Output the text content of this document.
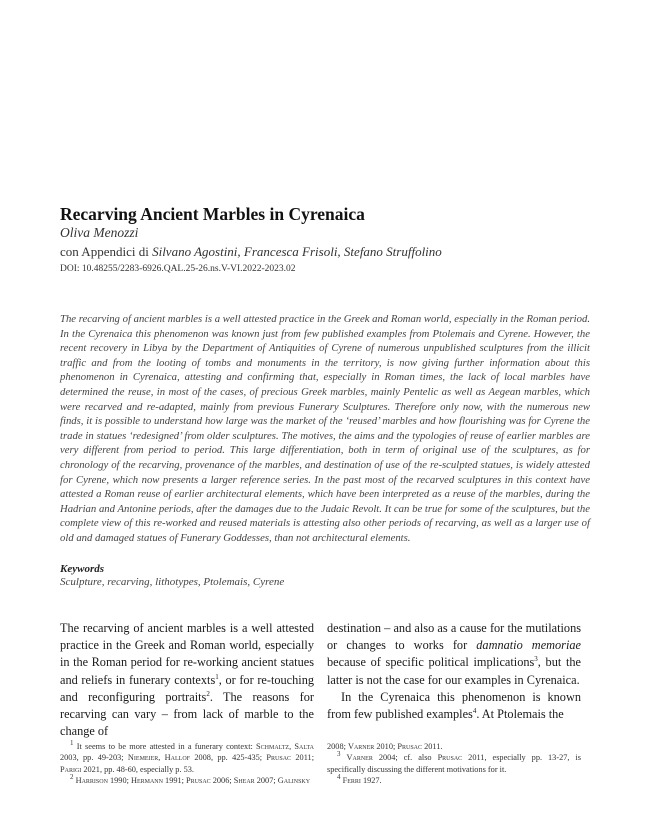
Recarving Ancient Marbles in Cyrenaica
Oliva Menozzi
con Appendici di Silvano Agostini, Francesca Frisoli, Stefano Struffolino
DOI: 10.48255/2283-6926.QAL.25-26.ns.V-VI.2022-2023.02

The recarving of ancient marbles is a well attested practice in the Greek and Roman world, especially in the Roman period. In the Cyrenaica this phenomenon was known just from few published examples from Ptolemais and Cyrene. However, the recent recovery in Libya by the Department of Antiquities of Cyrene of numerous unpublished sculptures from the illicit traffic and from the looting of tombs and monuments in the territory, is now giving further information about this phenomenon in Cyrenaica, attesting and confirming that, especially in Roman times, the lack of local marbles have determined the reuse, in most of the cases, of precious Greek marbles, mainly Pentelic as well as Aegean marbles, which were recarved and re-adapted, mainly from previous Funerary Sculptures. Therefore only now, with the numerous new finds, it is possible to understand how large was the market of the ‘reused’ marbles and how flourishing was for Cyrene the trade in statues ‘redesigned’ from older sculptures. The motives, the aims and the typologies of reuse of earlier marbles are very different from period to period. This large differentiation, both in term of original use of the sculptures, as for chronology of the recarving, provenance of the marbles, and destination of use of the re-sculpted statues, is widely attested for Cyrene, which now presents a larger reference series. In the past most of the recarved sculptures in this context have attested a Roman reuse of earlier architectural elements, which have been interpreted as a reuse of the marbles, during the Hadrian and Antonine periods, after the damages due to the Judaic Revolt. It can be true for some of the sculptures, but the complete view of this re-worked and reused materials is attesting also other periods of recarving, as well as a larger use of old and damaged statues of Funerary Goddesses, than not architectural elements.

Keywords
Sculpture, recarving, lithotypes, Ptolemais, Cyrene

The recarving of ancient marbles is a well attested practice in the Greek and Roman world, especially in the Roman period for re-working ancient statues and reliefs in funerary contexts$^1$, or for re-touching and reconfiguring portraits$^2$. The reasons for recarving can vary – from lack of marble to the change of

destination – and also as a cause for the mutilations or changes to works for damnatio memoriae because of specific political implications$^3$, but the latter is not the case for our examples in Cyrenaica.

In the Cyrenaica this phenomenon is known from few published examples$^4$. At Ptolemais the

$^1$ It seems to be more attested in a funerary context: Schmaltz, Salta 2003, pp. 49-203; Niemeier, Hallof 2008, pp. 425-435; Prusac 2011; Parigi 2021, pp. 48-60, especially p. 53.

$^2$ Harrison 1990; Hermann 1991; Prusac 2006; Shear 2007; Galinsky

2008; Varner 2010; Prusac 2011.

$^3$ Varner 2004; cf. also Prusac 2011, especially pp. 13-27, is specifically discussing the different motivations for it.

$^4$ Ferri 1927.
